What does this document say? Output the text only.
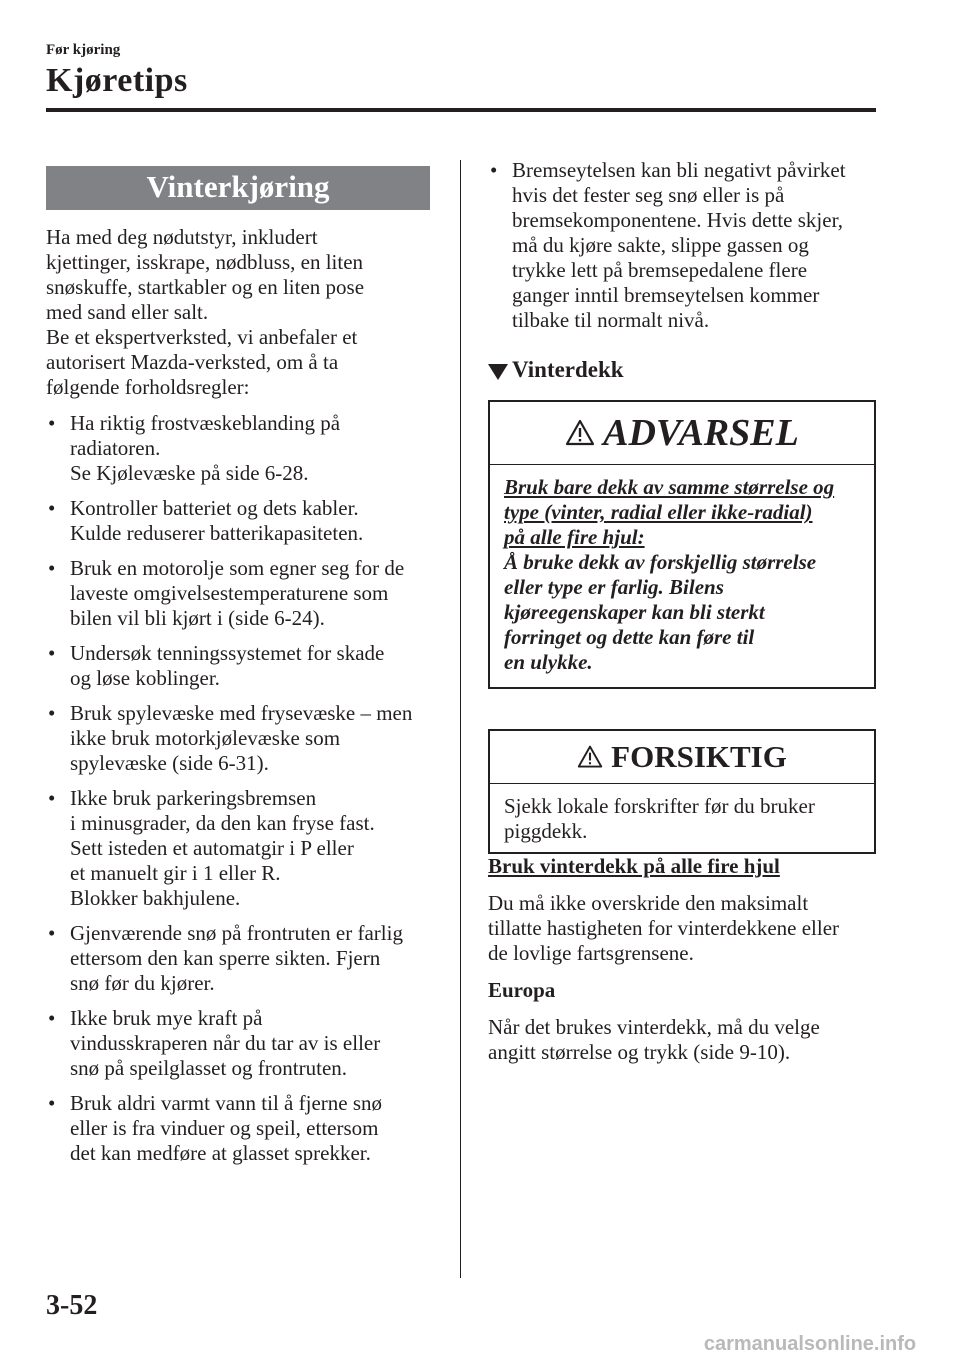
Før kjøring
Kjøretips
Vinterkjøring

Ha med deg nødutstyr, inkludert

kjettinger, isskrape, nødbluss, en liten

snøskuffe, startkabler og en liten pose

med sand eller salt.

Be et ekspertverksted, vi anbefaler et

autorisert Mazda-verksted, om å ta

følgende forholdsregler:

• Ha riktig frostvæskeblanding på
radiatoren.
Se Kjølevæske på side 6-28.
• Kontroller batteriet og dets kabler.
Kulde reduserer batterikapasiteten.
• Bruk en motorolje som egner seg for de
laveste omgivelsestemperaturene som
bilen vil bli kjørt i (side 6-24).
• Undersøk tenningssystemet for skade
og løse koblinger.
• Bruk spylevæske med frysevæske – men
ikke bruk motorkjølevæske som
spylevæske (side 6-31).
• Ikke bruk parkeringsbremsen
i minusgrader, da den kan fryse fast.
Sett isteden et automatgir i P eller
et manuelt gir i 1 eller R.
Blokker bakhjulene.
• Gjenværende snø på frontruten er farlig
ettersom den kan sperre sikten. Fjern
snø før du kjører.
• Ikke bruk mye kraft på
vindusskraperen når du tar av is eller
snø på speilglasset og frontruten.
• Bruk aldri varmt vann til å fjerne snø
eller is fra vinduer og speil, ettersom
det kan medføre at glasset sprekker.
• Bremseytelsen kan bli negativt påvirket
hvis det fester seg snø eller is på
bremsekomponentene. Hvis dette skjer,
må du kjøre sakte, slippe gassen og
trykke lett på bremsepedalene flere
ganger inntil bremseytelsen kommer
tilbake til normalt nivå.
Vinterdekk
ADVARSEL
Bruk bare dekk av samme størrelse og
type (vinter, radial eller ikke-radial)
på alle fire hjul:
Å bruke dekk av forskjellig størrelse
eller type er farlig. Bilens
kjøreegenskaper kan bli sterkt
forringet og dette kan føre til
en ulykke.
FORSIKTIG

Sjekk lokale forskrifter før du bruker

piggdekk.

Bruk vinterdekk på alle fire hjul

Du må ikke overskride den maksimalt

tillatte hastigheten for vinterdekkene eller

de lovlige fartsgrensene.

Europa

Når det brukes vinterdekk, må du velge

angitt størrelse og trykk (side 9-10).

3-52
carmanualsonline.info
